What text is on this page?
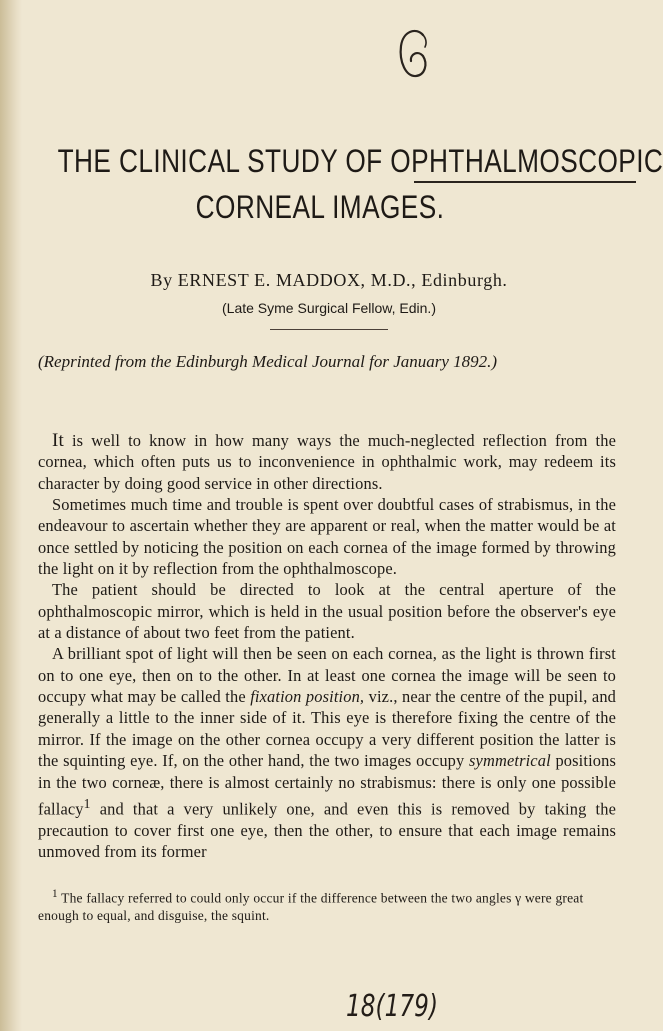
THE CLINICAL STUDY OF OPHTHALMOSCOPIC
CORNEAL IMAGES.
By ERNEST E. MADDOX, M.D., Edinburgh.
(Late Syme Surgical Fellow, Edin.)
(Reprinted from the Edinburgh Medical Journal for January 1892.)

It is well to know in how many ways the much-neglected reflection from the cornea, which often puts us to inconvenience in ophthalmic work, may redeem its character by doing good service in other directions.

Sometimes much time and trouble is spent over doubtful cases of strabismus, in the endeavour to ascertain whether they are apparent or real, when the matter would be at once settled by noticing the position on each cornea of the image formed by throwing the light on it by reflection from the ophthalmoscope.

The patient should be directed to look at the central aperture of the ophthalmoscopic mirror, which is held in the usual position before the observer's eye at a distance of about two feet from the patient.

A brilliant spot of light will then be seen on each cornea, as the light is thrown first on to one eye, then on to the other. In at least one cornea the image will be seen to occupy what may be called the fixation position, viz., near the centre of the pupil, and generally a little to the inner side of it. This eye is therefore fixing the centre of the mirror. If the image on the other cornea occupy a very different position the latter is the squinting eye. If, on the other hand, the two images occupy symmetrical positions in the two corneæ, there is almost certainly no strabismus: there is only one possible fallacy$^1$ and that a very unlikely one, and even this is removed by taking the precaution to cover first one eye, then the other, to ensure that each image remains unmoved from its former

$^1$ The fallacy referred to could only occur if the difference between the two angles γ were great enough to equal, and disguise, the squint.
18(179)
